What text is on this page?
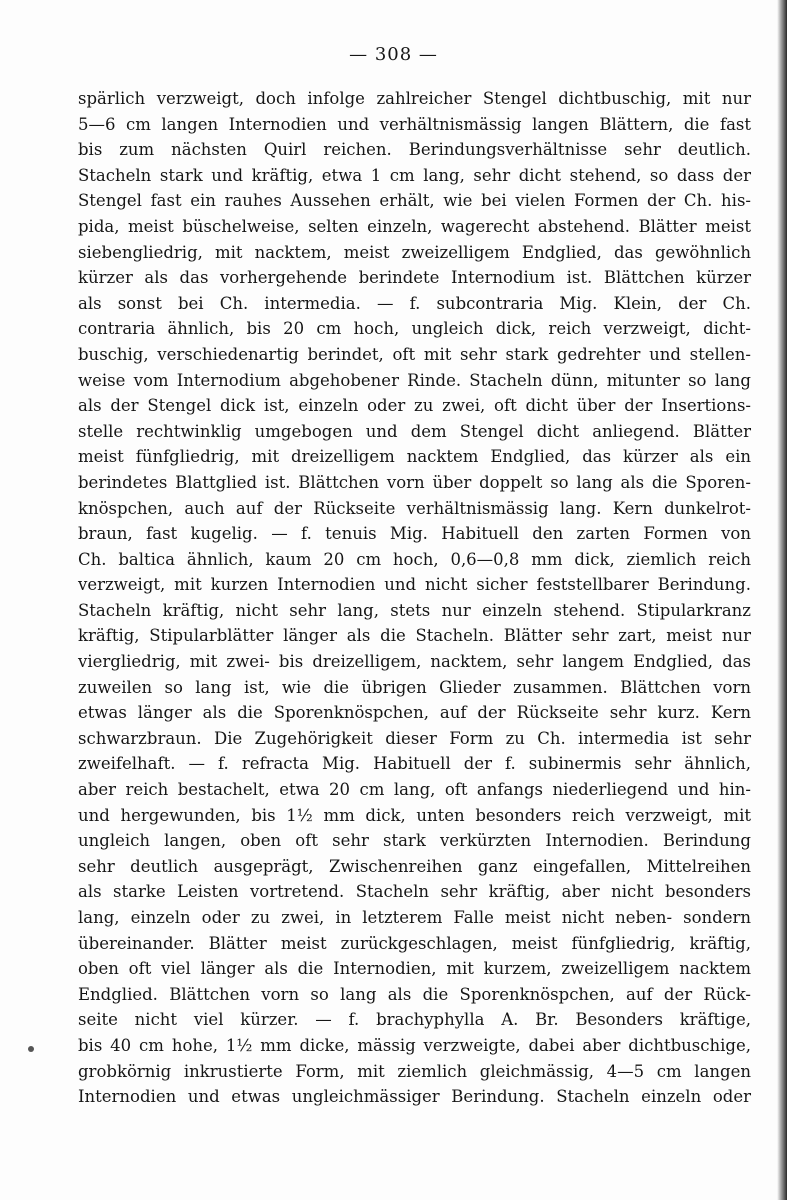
— 308 —
spärlich verzweigt, doch infolge zahlreicher Stengel dichtbuschig, mit nur
5—6 cm langen Internodien und verhältnismässig langen Blättern, die fast
bis zum nächsten Quirl reichen. Berindungsverhältnisse sehr deutlich.
Stacheln stark und kräftig, etwa 1 cm lang, sehr dicht stehend, so dass der
Stengel fast ein rauhes Aussehen erhält, wie bei vielen Formen der Ch. his-
pida, meist büschelweise, selten einzeln, wagerecht abstehend. Blätter meist
siebengliedrig, mit nacktem, meist zweizelligem Endglied, das gewöhnlich
kürzer als das vorhergehende berindete Internodium ist. Blättchen kürzer
als sonst bei Ch. intermedia. — f. subcontraria Mig. Klein, der Ch.
contraria ähnlich, bis 20 cm hoch, ungleich dick, reich verzweigt, dicht-
buschig, verschiedenartig berindet, oft mit sehr stark gedrehter und stellen-
weise vom Internodium abgehobener Rinde. Stacheln dünn, mitunter so lang
als der Stengel dick ist, einzeln oder zu zwei, oft dicht über der Insertions-
stelle rechtwinklig umgebogen und dem Stengel dicht anliegend. Blätter
meist fünfgliedrig, mit dreizelligem nacktem Endglied, das kürzer als ein
berindetes Blattglied ist. Blättchen vorn über doppelt so lang als die Sporen-
knöspchen, auch auf der Rückseite verhältnismässig lang. Kern dunkelrot-
braun, fast kugelig. — f. tenuis Mig. Habituell den zarten Formen von
Ch. baltica ähnlich, kaum 20 cm hoch, 0,6—0,8 mm dick, ziemlich reich
verzweigt, mit kurzen Internodien und nicht sicher feststellbarer Berindung.
Stacheln kräftig, nicht sehr lang, stets nur einzeln stehend. Stipularkranz
kräftig, Stipularblätter länger als die Stacheln. Blätter sehr zart, meist nur
viergliedrig, mit zwei- bis dreizelligem, nacktem, sehr langem Endglied, das
zuweilen so lang ist, wie die übrigen Glieder zusammen. Blättchen vorn
etwas länger als die Sporenknöspchen, auf der Rückseite sehr kurz. Kern
schwarzbraun. Die Zugehörigkeit dieser Form zu Ch. intermedia ist sehr
zweifelhaft. — f. refracta Mig. Habituell der f. subinermis sehr ähnlich,
aber reich bestachelt, etwa 20 cm lang, oft anfangs niederliegend und hin-
und hergewunden, bis 1½ mm dick, unten besonders reich verzweigt, mit
ungleich langen, oben oft sehr stark verkürzten Internodien. Berindung
sehr deutlich ausgeprägt, Zwischenreihen ganz eingefallen, Mittelreihen
als starke Leisten vortretend. Stacheln sehr kräftig, aber nicht besonders
lang, einzeln oder zu zwei, in letzterem Falle meist nicht neben- sondern
übereinander. Blätter meist zurückgeschlagen, meist fünfgliedrig, kräftig,
oben oft viel länger als die Internodien, mit kurzem, zweizelligem nacktem
Endglied. Blättchen vorn so lang als die Sporenknöspchen, auf der Rück-
seite nicht viel kürzer. — f. brachyphylla A. Br. Besonders kräftige,
bis 40 cm hohe, 1½ mm dicke, mässig verzweigte, dabei aber dichtbuschige,
grobkörnig inkrustierte Form, mit ziemlich gleichmässig, 4—5 cm langen
Internodien und etwas ungleichmässiger Berindung. Stacheln einzeln oder
